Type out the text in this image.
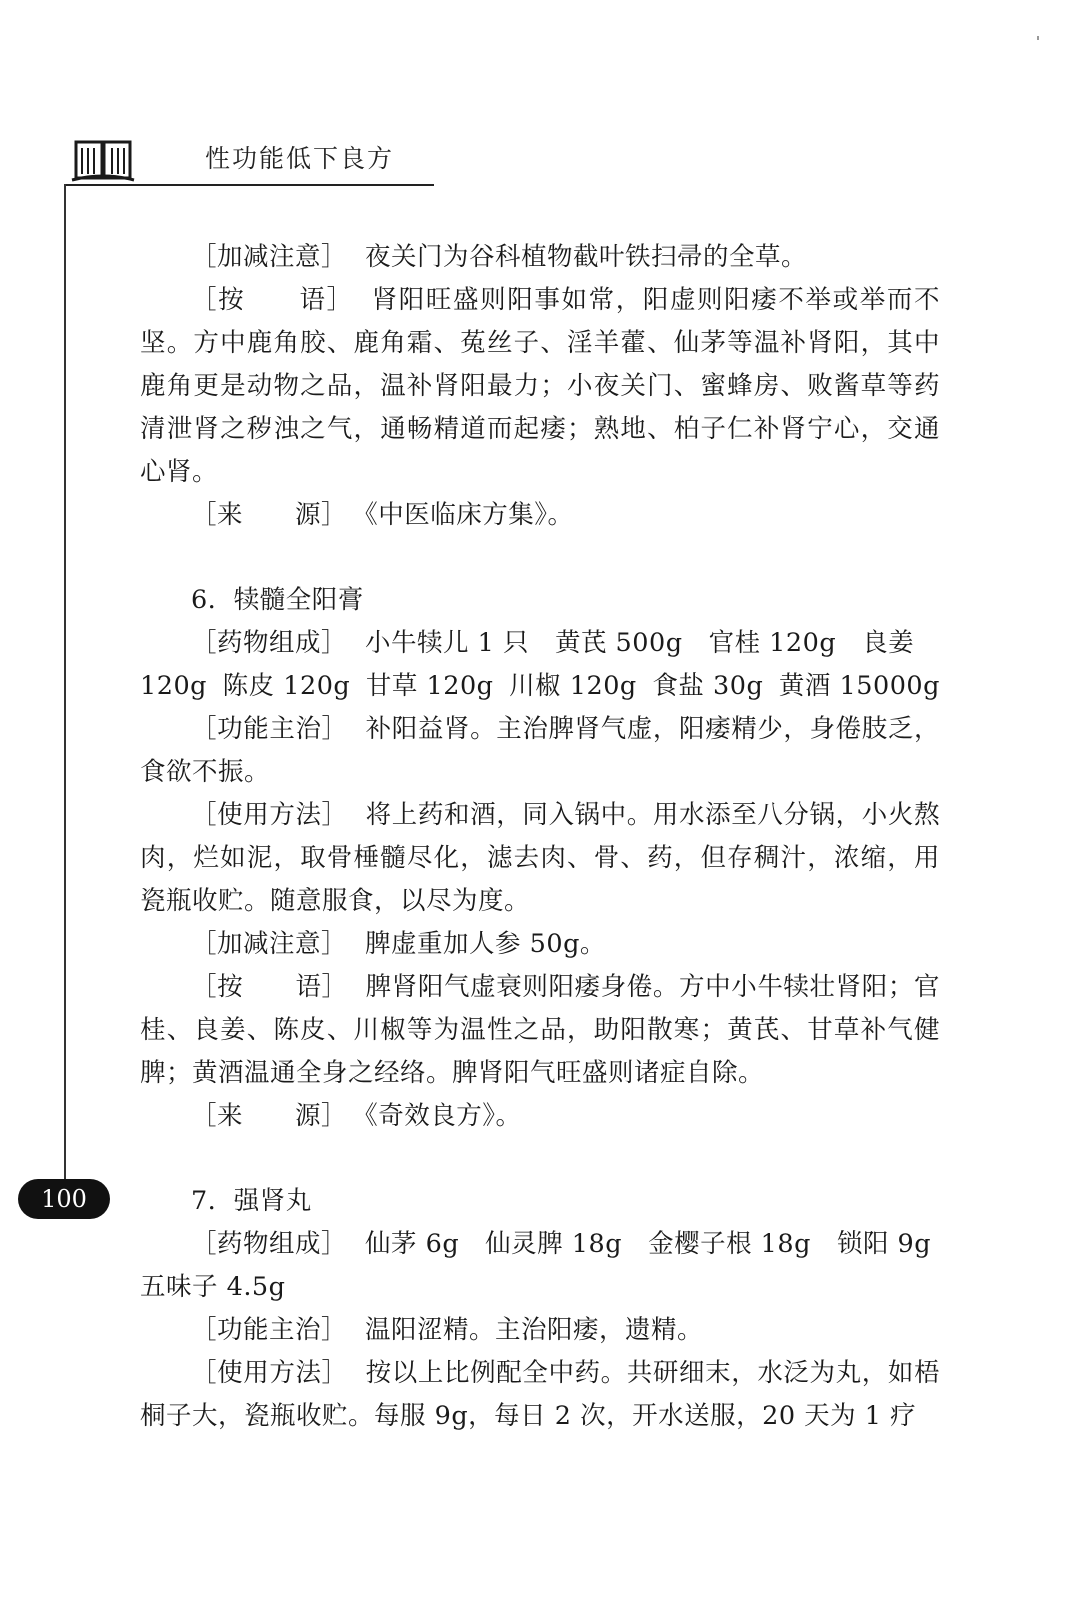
性功能低下良方
100

［加减注意］ 夜关门为谷科植物截叶铁扫帚的全草。

［按　　语］ 肾阳旺盛则阳事如常，阳虚则阳痿不举或举而不坚。方中鹿角胶、鹿角霜、菟丝子、淫羊藿、仙茅等温补肾阳，其中鹿角更是动物之品，温补肾阳最力；小夜关门、蜜蜂房、败酱草等药清泄肾之秽浊之气，通畅精道而起痿；熟地、柏子仁补肾宁心，交通心肾。

［来　　源］ 《中医临床方集》。

6．犊髓全阳膏

［药物组成］ 小牛犊儿 1 只 黄芪 500g 官桂 120g 良姜

120g 陈皮 120g 甘草 120g 川椒 120g 食盐 30g 黄酒 15000g

［功能主治］ 补阳益肾。主治脾肾气虚，阳痿精少，身倦肢乏，食欲不振。

［使用方法］ 将上药和酒，同入锅中。用水添至八分锅，小火熬肉，烂如泥，取骨棰髓尽化，滤去肉、骨、药，但存稠汁，浓缩，用瓷瓶收贮。随意服食，以尽为度。

［加减注意］ 脾虚重加人参 50g。

［按　　语］ 脾肾阳气虚衰则阳痿身倦。方中小牛犊壮肾阳；官桂、良姜、陈皮、川椒等为温性之品，助阳散寒；黄芪、甘草补气健脾；黄酒温通全身之经络。脾肾阳气旺盛则诸症自除。

［来　　源］ 《奇效良方》。

7．强肾丸

［药物组成］ 仙茅 6g 仙灵脾 18g 金樱子根 18g 锁阳 9g

五味子 4.5g

［功能主治］ 温阳涩精。主治阳痿，遗精。

［使用方法］ 按以上比例配全中药。共研细末，水泛为丸，如梧桐子大，瓷瓶收贮。每服 9g，每日 2 次，开水送服，20 天为 1 疗
